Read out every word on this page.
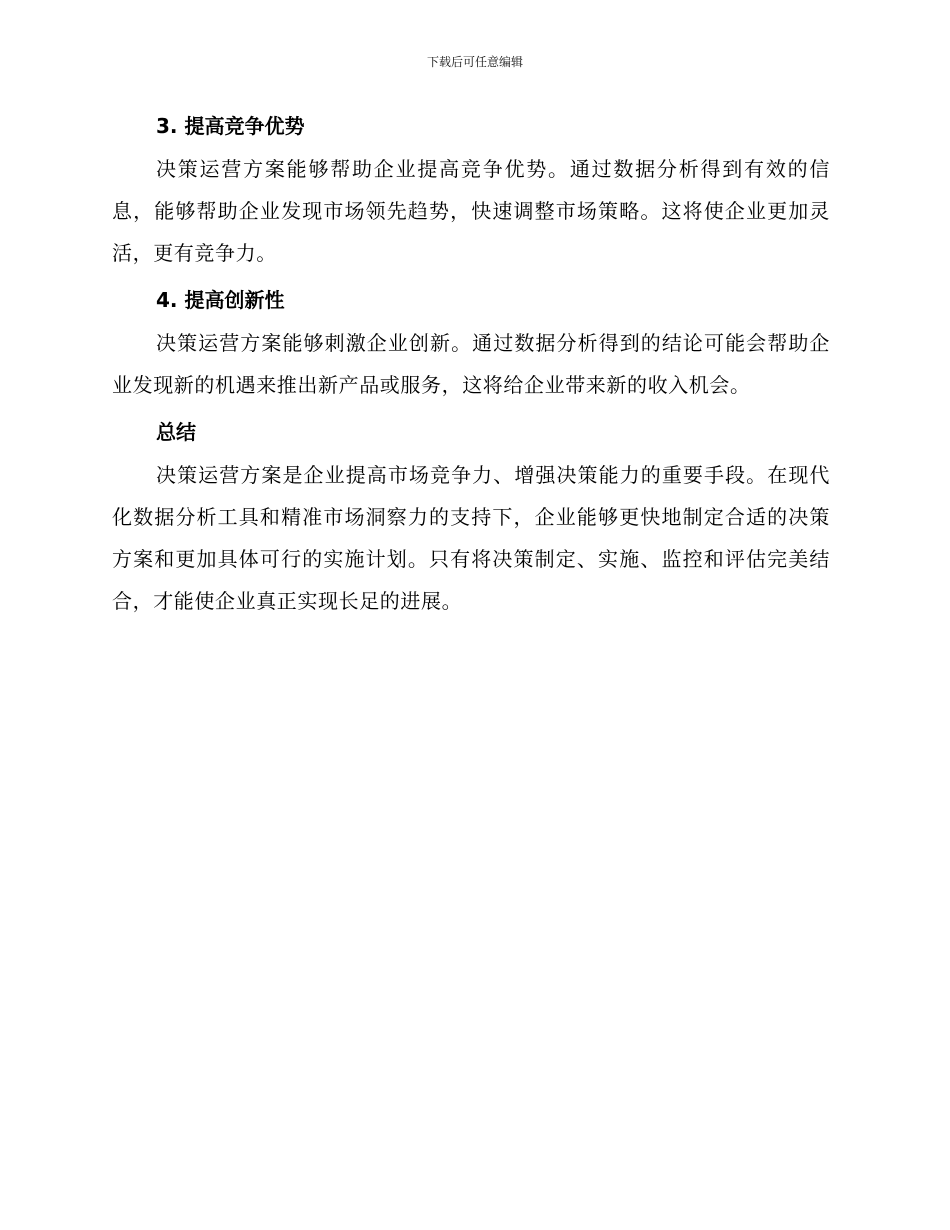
下载后可任意编辑
3. 提高竞争优势

决策运营方案能够帮助企业提高竞争优势。通过数据分析得到有效的信息，能够帮助企业发现市场领先趋势，快速调整市场策略。这将使企业更加灵活，更有竞争力。

4. 提高创新性

决策运营方案能够刺激企业创新。通过数据分析得到的结论可能会帮助企业发现新的机遇来推出新产品或服务，这将给企业带来新的收入机会。

总结

决策运营方案是企业提高市场竞争力、增强决策能力的重要手段。在现代化数据分析工具和精准市场洞察力的支持下，企业能够更快地制定合适的决策方案和更加具体可行的实施计划。只有将决策制定、实施、监控和评估完美结合，才能使企业真正实现长足的进展。
